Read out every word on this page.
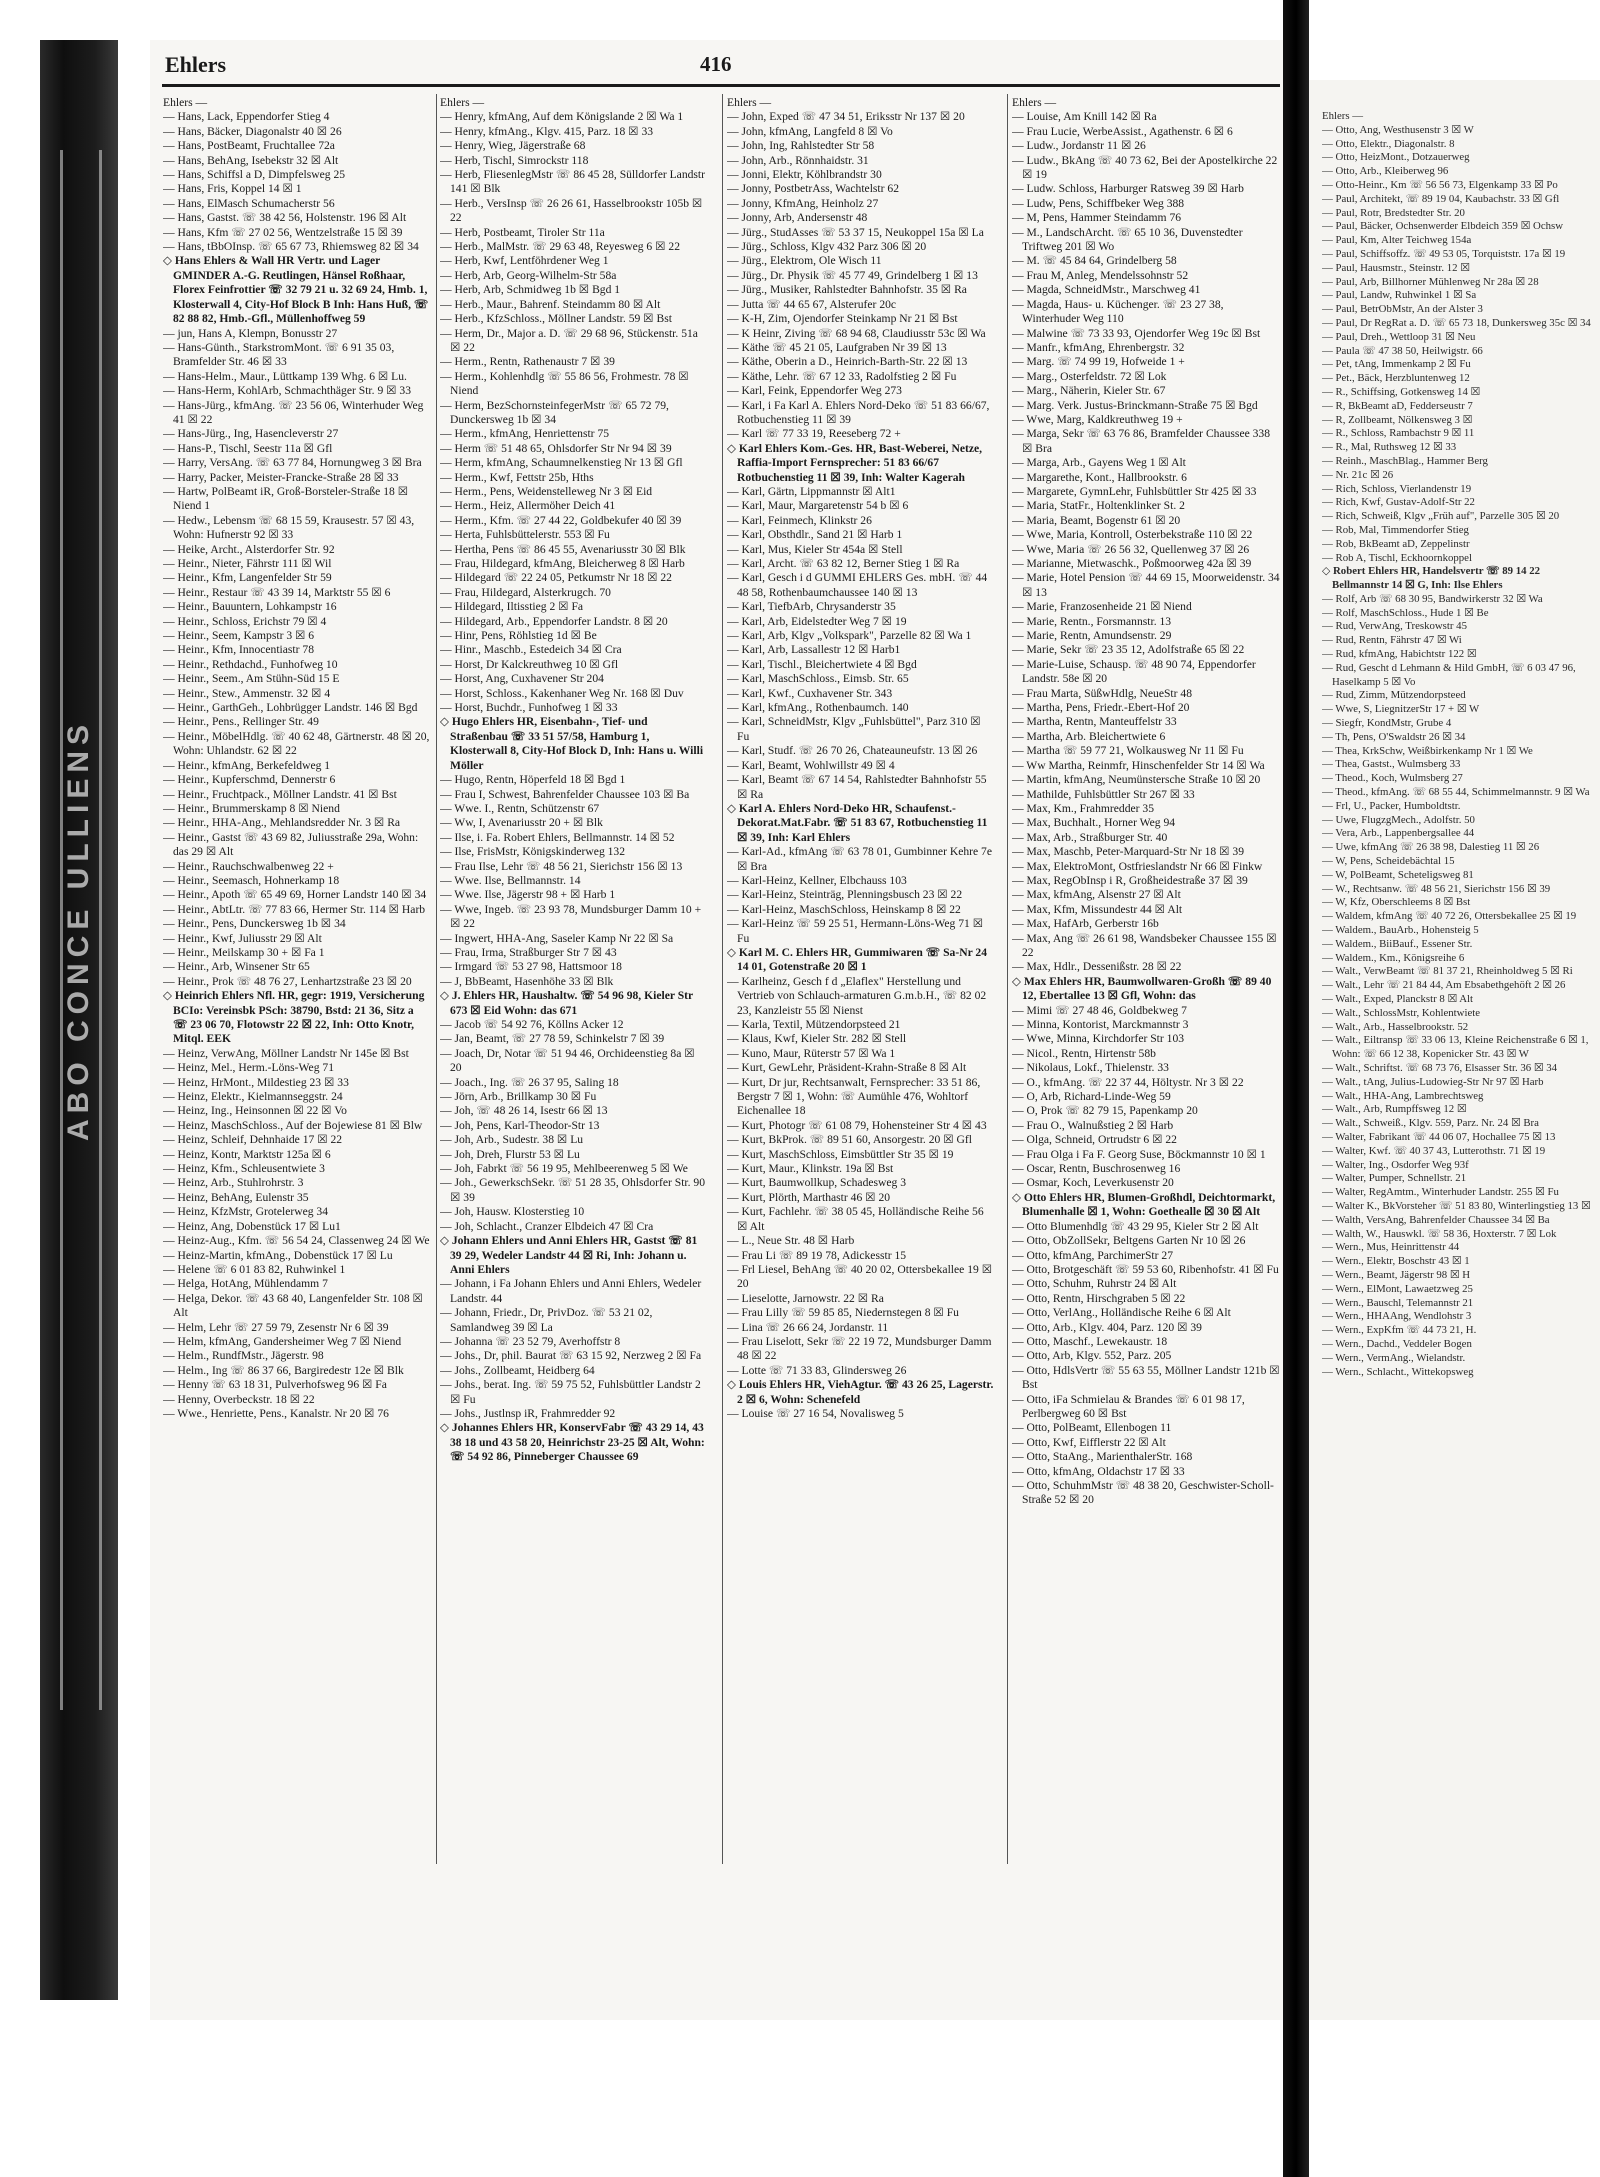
ABO CONCE ULLIENS
Ehlers	416

Ehlers —

— Hans, Lack, Eppendorfer Stieg 4

— Hans, Bäcker, Diagonalstr 40 ☒ 26

— Hans, PostBeamt, Fruchtallee 72a

— Hans, BehAng, Isebekstr 32 ☒ Alt

— Hans, Schiffsl a D, Dimpfelsweg 25

— Hans, Fris, Koppel 14 ☒ 1

— Hans, ElMasch Schumacherstr 56

— Hans, Gastst. ☏ 38 42 56, Holstenstr. 196 ☒ Alt

— Hans, Kfm ☏ 27 02 56, Wentzelstraße 15 ☒ 39

— Hans, tBbOInsp. ☏ 65 67 73, Rhiemsweg 82 ☒ 34

◇ Hans Ehlers & Wall HR Vertr. und Lager GMINDER A.-G. Reutlingen, Hänsel Roßhaar, Florex Feinfrottier ☏ 32 79 21 u. 32 69 24, Hmb. 1, Klosterwall 4, City-Hof Block B Inh: Hans Huß, ☏ 82 88 82, Hmb.-Gfl., Müllenhoffweg 59

— jun, Hans A, Klempn, Bonusstr 27

— Hans-Günth., StarkstromMont. ☏ 6 91 35 03, Bramfelder Str. 46 ☒ 33

— Hans-Helm., Maur., Lüttkamp 139 Whg. 6 ☒ Lu.

— Hans-Herm, KohlArb, Schmachthäger Str. 9 ☒ 33

— Hans-Jürg., kfmAng. ☏ 23 56 06, Winterhuder Weg 41 ☒ 22

— Hans-Jürg., Ing, Hasencleverstr 27

— Hans-P., Tischl, Seestr 11a ☒ Gfl

— Harry, VersAng. ☏ 63 77 84, Hornungweg 3 ☒ Bra

— Harry, Packer, Meister-Francke-Straße 28 ☒ 33

— Hartw, PolBeamt iR, Groß-Borsteler-Straße 18 ☒ Niend 1

— Hedw., Lebensm ☏ 68 15 59, Krausestr. 57 ☒ 43, Wohn: Hufnerstr 92 ☒ 33

— Heike, Archt., Alsterdorfer Str. 92

— Heinr., Nieter, Fährstr 111 ☒ Wil

— Heinr., Kfm, Langenfelder Str 59

— Heinr., Restaur ☏ 43 39 14, Marktstr 55 ☒ 6

— Heinr., Bauuntern, Lohkampstr 16

— Heinr., Schloss, Erichstr 79 ☒ 4

— Heinr., Seem, Kampstr 3 ☒ 6

— Heinr., Kfm, Innocentiastr 78

— Heinr., Rethdachd., Funhofweg 10

— Heinr., Seem., Am Stühn-Süd 15 E

— Heinr., Stew., Ammenstr. 32 ☒ 4

— Heinr., GarthGeh., Lohbrügger Landstr. 146 ☒ Bgd

— Heinr., Pens., Rellinger Str. 49

— Heinr., MöbelHdlg. ☏ 40 62 48, Gärtnerstr. 48 ☒ 20, Wohn: Uhlandstr. 62 ☒ 22

— Heinr., kfmAng, Berkefeldweg 1

— Heinr., Kupferschmd, Dennerstr 6

— Heinr., Fruchtpack., Möllner Landstr. 41 ☒ Bst

— Heinr., Brummerskamp 8 ☒ Niend

— Heinr., HHA-Ang., Mehlandsredder Nr. 3 ☒ Ra

— Heinr., Gastst ☏ 43 69 82, Juliusstraße 29a, Wohn: das 29 ☒ Alt

— Heinr., Rauchschwalbenweg 22 +

— Heinr., Seemasch, Hohnerkamp 18

— Heinr., Apoth ☏ 65 49 69, Horner Landstr 140 ☒ 34

— Heinr., AbtLtr. ☏ 77 83 66, Hermer Str. 114 ☒ Harb

— Heinr., Pens, Dunckersweg 1b ☒ 34

— Heinr., Kwf, Juliusstr 29 ☒ Alt

— Heinr., Meilskamp 30 + ☒ Fa 1

— Heinr., Arb, Winsener Str 65

— Heinr., Prok ☏ 48 76 27, Lenhartzstraße 23 ☒ 20

◇ Heinrich Ehlers Nfl. HR, gegr: 1919, Versicherung BCIo: Vereinsbk PSch: 38790, Bstd: 21 36, Sitz a ☏ 23 06 70, Flotowstr 22 ☒ 22, Inh: Otto Knotr, Mitql. EEK

— Heinz, VerwAng, Möllner Landstr Nr 145e ☒ Bst

— Heinz, Mel., Herm.-Löns-Weg 71

— Heinz, HrMont., Mildestieg 23 ☒ 33

— Heinz, Elektr., Kielmannseggstr. 24

— Heinz, Ing., Heinsonnen ☒ 22 ☒ Vo

— Heinz, MaschSchloss., Auf der Bojewiese 81 ☒ Blw

— Heinz, Schleif, Dehnhaide 17 ☒ 22

— Heinz, Kontr, Marktstr 125a ☒ 6

— Heinz, Kfm., Schleusentwiete 3

— Heinz, Arb., Stuhlrohrstr. 3

— Heinz, BehAng, Eulenstr 35

— Heinz, KfzMstr, Grotelerweg 34

— Heinz, Ang, Dobenstück 17 ☒ Lu1

— Heinz-Aug., Kfm. ☏ 56 54 24, Classenweg 24 ☒ We

— Heinz-Martin, kfmAng., Dobenstück 17 ☒ Lu

— Helene ☏ 6 01 83 82, Ruhwinkel 1

— Helga, HotAng, Mühlendamm 7

— Helga, Dekor. ☏ 43 68 40, Langenfelder Str. 108 ☒ Alt

— Helm, Lehr ☏ 27 59 79, Zesenstr Nr 6 ☒ 39

— Helm, kfmAng, Gandersheimer Weg 7 ☒ Niend

— Helm., RundfMstr., Jägerstr. 98

— Helm., Ing ☏ 86 37 66, Bargiredestr 12e ☒ Blk

— Henny ☏ 63 18 31, Pulverhofsweg 96 ☒ Fa

— Henny, Overbeckstr. 18 ☒ 22

— Wwe., Henriette, Pens., Kanalstr. Nr 20 ☒ 76

Ehlers —

— Henry, kfmAng, Auf dem Königslande 2 ☒ Wa 1

— Henry, kfmAng., Klgv. 415, Parz. 18 ☒ 33

— Henry, Wieg, Jägerstraße 68

— Herb, Tischl, Simrockstr 118

— Herb, FliesenlegMstr ☏ 86 45 28, Sülldorfer Landstr 141 ☒ Blk

— Herb., VersInsp ☏ 26 26 61, Hasselbrookstr 105b ☒ 22

— Herb, Postbeamt, Tiroler Str 11a

— Herb., MalMstr. ☏ 29 63 48, Reyesweg 6 ☒ 22

— Herb, Kwf, Lentföhrdener Weg 1

— Herb, Arb, Georg-Wilhelm-Str 58a

— Herb, Arb, Schmidweg 1b ☒ Bgd 1

— Herb., Maur., Bahrenf. Steindamm 80 ☒ Alt

— Herb., KfzSchloss., Möllner Landstr. 59 ☒ Bst

— Herm, Dr., Major a. D. ☏ 29 68 96, Stückenstr. 51a ☒ 22

— Herm., Rentn, Rathenaustr 7 ☒ 39

— Herm., Kohlenhdlg ☏ 55 86 56, Frohmestr. 78 ☒ Niend

— Herm, BezSchornsteinfegerMstr ☏ 65 72 79, Dunckersweg 1b ☒ 34

— Herm., kfmAng, Henriettenstr 75

— Herm ☏ 51 48 65, Ohlsdorfer Str Nr 94 ☒ 39

— Herm, kfmAng, Schaumnelkenstieg Nr 13 ☒ Gfl

— Herm., Kwf, Fettstr 25b, Hths

— Herm., Pens, Weidenstelleweg Nr 3 ☒ Eid

— Herm., Heiz, Allermöher Deich 41

— Herm., Kfm. ☏ 27 44 22, Goldbekufer 40 ☒ 39

— Herta, Fuhlsbüttelerstr. 553 ☒ Fu

— Hertha, Pens ☏ 86 45 55, Avenariusstr 30 ☒ Blk

— Frau, Hildegard, kfmAng, Bleicherweg 8 ☒ Harb

— Hildegard ☏ 22 24 05, Petkumstr Nr 18 ☒ 22

— Frau, Hildegard, Alsterkrugch. 70

— Hildegard, Iltisstieg 2 ☒ Fa

— Hildegard, Arb., Eppendorfer Landstr. 8 ☒ 20

— Hinr, Pens, Röhlstieg 1d ☒ Be

— Hinr., Maschb., Estedeich 34 ☒ Cra

— Horst, Dr Kalckreuthweg 10 ☒ Gfl

— Horst, Ang, Cuxhavener Str 204

— Horst, Schloss., Kakenhaner Weg Nr. 168 ☒ Duv

— Horst, Buchdr., Funhofweg 1 ☒ 33

◇ Hugo Ehlers HR, Eisenbahn-, Tief- und Straßenbau ☏ 33 51 57/58, Hamburg 1, Klosterwall 8, City-Hof Block D, Inh: Hans u. Willi Möller

— Hugo, Rentn, Höperfeld 18 ☒ Bgd 1

— Frau I, Schwest, Bahrenfelder Chaussee 103 ☒ Ba

— Wwe. I., Rentn, Schützenstr 67

— Ww, I, Avenariusstr 20 + ☒ Blk

— Ilse, i. Fa. Robert Ehlers, Bellmannstr. 14 ☒ 52

— Ilse, FrisMstr, Königskinderweg 132

— Frau Ilse, Lehr ☏ 48 56 21, Sierichstr 156 ☒ 13

— Wwe. Ilse, Bellmannstr. 14

— Wwe. Ilse, Jägerstr 98 + ☒ Harb 1

— Wwe, Ingeb. ☏ 23 93 78, Mundsburger Damm 10 + ☒ 22

— Ingwert, HHA-Ang, Saseler Kamp Nr 22 ☒ Sa

— Frau, Irma, Straßburger Str 7 ☒ 43

— Irmgard ☏ 53 27 98, Hattsmoor 18

— J, BbBeamt, Hasenhöhe 33 ☒ Blk

◇ J. Ehlers HR, Haushaltw. ☏ 54 96 98, Kieler Str 673 ☒ Eid Wohn: das 671

— Jacob ☏ 54 92 76, Köllns Acker 12

— Jan, Beamt, ☏ 27 78 59, Schinkelstr 7 ☒ 39

— Joach, Dr, Notar ☏ 51 94 46, Orchideenstieg 8a ☒ 20

— Joach., Ing. ☏ 26 37 95, Saling 18

— Jörn, Arb., Brillkamp 30 ☒ Fu

— Joh, ☏ 48 26 14, Isestr 66 ☒ 13

— Joh, Pens, Karl-Theodor-Str 13

— Joh, Arb., Sudestr. 38 ☒ Lu

— Joh, Dreh, Flurstr 53 ☒ Lu

— Joh, Fabrkt ☏ 56 19 95, Mehlbeerenweg 5 ☒ We

— Joh., GewerkschSekr. ☏ 51 28 35, Ohlsdorfer Str. 90 ☒ 39

— Joh, Hausw. Klosterstieg 10

— Joh, Schlacht., Cranzer Elbdeich 47 ☒ Cra

◇ Johann Ehlers und Anni Ehlers HR, Gastst ☏ 81 39 29, Wedeler Landstr 44 ☒ Ri, Inh: Johann u. Anni Ehlers

— Johann, i Fa Johann Ehlers und Anni Ehlers, Wedeler Landstr. 44

— Johann, Friedr., Dr, PrivDoz. ☏ 53 21 02, Samlandweg 39 ☒ La

— Johanna ☏ 23 52 79, Averhoffstr 8

— Johs., Dr, phil. Baurat ☏ 63 15 92, Nerzweg 2 ☒ Fa

— Johs., Zollbeamt, Heidberg 64

— Johs., berat. Ing. ☏ 59 75 52, Fuhlsbüttler Landstr 2 ☒ Fu

— Johs., Justlnsp iR, Frahmredder 92

◇ Johannes Ehlers HR, KonservFabr ☏ 43 29 14, 43 38 18 und 43 58 20, Heinrichstr 23-25 ☒ Alt, Wohn: ☏ 54 92 86, Pinneberger Chaussee 69

Ehlers —

— John, Exped ☏ 47 34 51, Eriksstr Nr 137 ☒ 20

— John, kfmAng, Langfeld 8 ☒ Vo

— John, Ing, Rahlstedter Str 58

— John, Arb., Rönnhaidstr. 31

— Jonni, Elektr, Köhlbrandstr 30

— Jonny, PostbetrAss, Wachtelstr 62

— Jonny, KfmAng, Heinholz 27

— Jonny, Arb, Andersenstr 48

— Jürg., StudAsses ☏ 53 37 15, Neukoppel 15a ☒ La

— Jürg., Schloss, Klgv 432 Parz 306 ☒ 20

— Jürg., Elektrom, Ole Wisch 11

— Jürg., Dr. Physik ☏ 45 77 49, Grindelberg 1 ☒ 13

— Jürg., Musiker, Rahlstedter Bahnhofstr. 35 ☒ Ra

— Jutta ☏ 44 65 67, Alsterufer 20c

— K-H, Zim, Ojendorfer Steinkamp Nr 21 ☒ Bst

— K Heinr, Ziving ☏ 68 94 68, Claudiusstr 53c ☒ Wa

— Käthe ☏ 45 21 05, Laufgraben Nr 39 ☒ 13

— Käthe, Oberin a D., Heinrich-Barth-Str. 22 ☒ 13

— Käthe, Lehr. ☏ 67 12 33, Radolfstieg 2 ☒ Fu

— Karl, Feink, Eppendorfer Weg 273

— Karl, i Fa Karl A. Ehlers Nord-Deko ☏ 51 83 66/67, Rotbuchenstieg 11 ☒ 39

— Karl ☏ 77 33 19, Reeseberg 72 +

◇ Karl Ehlers Kom.-Ges. HR, Bast-Weberei, Netze, Raffia-Import Fernsprecher: 51 83 66/67 Rotbuchenstieg 11 ☒ 39, Inh: Walter Kagerah

— Karl, Gärtn, Lippmannstr ☒ Alt1

— Karl, Maur, Margaretenstr 54 b ☒ 6

— Karl, Feinmech, Klinkstr 26

— Karl, Obsthdlr., Sand 21 ☒ Harb 1

— Karl, Mus, Kieler Str 454a ☒ Stell

— Karl, Archt. ☏ 63 82 12, Berner Stieg 1 ☒ Ra

— Karl, Gesch i d GUMMI EHLERS Ges. mbH. ☏ 44 48 58, Rothenbaumchaussee 140 ☒ 13

— Karl, TiefbArb, Chrysanderstr 35

— Karl, Arb, Eidelstedter Weg 7 ☒ 19

— Karl, Arb, Klgv „Volkspark", Parzelle 82 ☒ Wa 1

— Karl, Arb, Lassallestr 12 ☒ Harb1

— Karl, Tischl., Bleichertwiete 4 ☒ Bgd

— Karl, MaschSchloss., Eimsb. Str. 65

— Karl, Kwf., Cuxhavener Str. 343

— Karl, kfmAng., Rothenbaumch. 140

— Karl, SchneidMstr, Klgv „Fuhlsbüttel", Parz 310 ☒ Fu

— Karl, Studf. ☏ 26 70 26, Chateauneufstr. 13 ☒ 26

— Karl, Beamt, Wohlwillstr 49 ☒ 4

— Karl, Beamt ☏ 67 14 54, Rahlstedter Bahnhofstr 55 ☒ Ra

◇ Karl A. Ehlers Nord-Deko HR, Schaufenst.-Dekorat.Mat.Fabr. ☏ 51 83 67, Rotbuchenstieg 11 ☒ 39, Inh: Karl Ehlers

— Karl-Ad., kfmAng ☏ 63 78 01, Gumbinner Kehre 7e ☒ Bra

— Karl-Heinz, Kellner, Elbchauss 103

— Karl-Heinz, Steinträg, Plenningsbusch 23 ☒ 22

— Karl-Heinz, MaschSchloss, Heinskamp 8 ☒ 22

— Karl-Heinz ☏ 59 25 51, Hermann-Löns-Weg 71 ☒ Fu

◇ Karl M. C. Ehlers HR, Gummiwaren ☏ Sa-Nr 24 14 01, Gotenstraße 20 ☒ 1

— Karlheinz, Gesch f d „Elaflex" Herstellung und Vertrieb von Schlauch-armaturen G.m.b.H., ☏ 82 02 23, Kanzleistr 55 ☒ Nienst

— Karla, Textil, Mützendorpsteed 21

— Klaus, Kwf, Kieler Str. 282 ☒ Stell

— Kuno, Maur, Rüterstr 57 ☒ Wa 1

— Kurt, GewLehr, Präsident-Krahn-Straße 8 ☒ Alt

— Kurt, Dr jur, Rechtsanwalt, Fernsprecher: 33 51 86, Bergstr 7 ☒ 1, Wohn: ☏ Aumühle 476, Wohltorf Eichenallee 18

— Kurt, Photogr ☏ 61 08 79, Hohensteiner Str 4 ☒ 43

— Kurt, BkProk. ☏ 89 51 60, Ansorgestr. 20 ☒ Gfl

— Kurt, MaschSchloss, Eimsbüttler Str 35 ☒ 19

— Kurt, Maur., Klinkstr. 19a ☒ Bst

— Kurt, Baumwollkup, Schadesweg 3

— Kurt, Plörth, Marthastr 46 ☒ 20

— Kurt, Fachlehr. ☏ 38 05 45, Holländische Reihe 56 ☒ Alt

— L., Neue Str. 48 ☒ Harb

— Frau Li ☏ 89 19 78, Adickesstr 15

— Frl Liesel, BehAng ☏ 40 20 02, Ottersbekallee 19 ☒ 20

— Lieselotte, Jarnowstr. 22 ☒ Ra

— Frau Lilly ☏ 59 85 85, Niedernstegen 8 ☒ Fu

— Lina ☏ 26 66 24, Jordanstr. 11

— Frau Liselott, Sekr ☏ 22 19 72, Mundsburger Damm 48 ☒ 22

— Lotte ☏ 71 33 83, Glindersweg 26

◇ Louis Ehlers HR, ViehAgtur. ☏ 43 26 25, Lagerstr. 2 ☒ 6, Wohn: Schenefeld

— Louise ☏ 27 16 54, Novalisweg 5

Ehlers —

— Louise, Am Knill 142 ☒ Ra

— Frau Lucie, WerbeAssist., Agathenstr. 6 ☒ 6

— Ludw., Jordanstr 11 ☒ 26

— Ludw., BkAng ☏ 40 73 62, Bei der Apostelkirche 22 ☒ 19

— Ludw. Schloss, Harburger Ratsweg 39 ☒ Harb

— Ludw, Pens, Schiffbeker Weg 388

— M, Pens, Hammer Steindamm 76

— M., LandschArcht. ☏ 65 10 36, Duvenstedter Triftweg 201 ☒ Wo

— M. ☏ 45 84 64, Grindelberg 58

— Frau M, Anleg, Mendelssohnstr 52

— Magda, SchneidMstr., Marschweg 41

— Magda, Haus- u. Küchenger. ☏ 23 27 38, Winterhuder Weg 110

— Malwine ☏ 73 33 93, Ojendorfer Weg 19c ☒ Bst

— Manfr., kfmAng, Ehrenbergstr. 32

— Marg. ☏ 74 99 19, Hofweide 1 +

— Marg., Osterfeldstr. 72 ☒ Lok

— Marg., Näherin, Kieler Str. 67

— Marg. Verk. Justus-Brinckmann-Straße 75 ☒ Bgd

— Wwe, Marg, Kaldkreuthweg 19 +

— Marga, Sekr ☏ 63 76 86, Bramfelder Chaussee 338 ☒ Bra

— Marga, Arb., Gayens Weg 1 ☒ Alt

— Margarethe, Kont., Hallbrookstr. 6

— Margarete, GymnLehr, Fuhlsbüttler Str 425 ☒ 33

— Maria, StatFr., Holtenklinker St. 2

— Maria, Beamt, Bogenstr 61 ☒ 20

— Wwe, Maria, Kontroll, Osterbekstraße 110 ☒ 22

— Wwe, Maria ☏ 26 56 32, Quellenweg 37 ☒ 26

— Marianne, Mietwaschk., Poßmoorweg 42a ☒ 39

— Marie, Hotel Pension ☏ 44 69 15, Moorweidenstr. 34 ☒ 13

— Marie, Franzosenheide 21 ☒ Niend

— Marie, Rentn., Forsmannstr. 13

— Marie, Rentn, Amundsenstr. 29

— Marie, Sekr ☏ 23 35 12, Adolfstraße 65 ☒ 22

— Marie-Luise, Schausp. ☏ 48 90 74, Eppendorfer Landstr. 58e ☒ 20

— Frau Marta, SüßwHdlg, NeueStr 48

— Martha, Pens, Friedr.-Ebert-Hof 20

— Martha, Rentn, Manteuffelstr 33

— Martha, Arb. Bleichertwiete 6

— Martha ☏ 59 77 21, Wolkausweg Nr 11 ☒ Fu

— Ww Martha, Reinmfr, Hinschenfelder Str 14 ☒ Wa

— Martin, kfmAng, Neumünstersche Straße 10 ☒ 20

— Mathilde, Fuhlsbüttler Str 267 ☒ 33

— Max, Km., Frahmredder 35

— Max, Buchhalt., Horner Weg 94

— Max, Arb., Straßburger Str. 40

— Max, Maschb, Peter-Marquard-Str Nr 18 ☒ 39

— Max, ElektroMont, Ostfrieslandstr Nr 66 ☒ Finkw

— Max, RegObInsp i R, Großheidestraße 37 ☒ 39

— Max, kfmAng, Alsenstr 27 ☒ Alt

— Max, Kfm, Missundestr 44 ☒ Alt

— Max, HafArb, Gerberstr 16b

— Max, Ang ☏ 26 61 98, Wandsbeker Chaussee 155 ☒ 22

— Max, Hdlr., Dessenißstr. 28 ☒ 22

◇ Max Ehlers HR, Baumwollwaren-Großh ☏ 89 40 12, Ebertallee 13 ☒ Gfl, Wohn: das

— Mimi ☏ 27 48 46, Goldbekweg 7

— Minna, Kontorist, Marckmannstr 3

— Wwe, Minna, Kirchdorfer Str 103

— Nicol., Rentn, Hirtenstr 58b

— Nikolaus, Lokf., Thielenstr. 33

— O., kfmAng. ☏ 22 37 44, Höltystr. Nr 3 ☒ 22

— O, Arb, Richard-Linde-Weg 59

— O, Prok ☏ 82 79 15, Papenkamp 20

— Frau O., Walnußstieg 2 ☒ Harb

— Olga, Schneid, Ortrudstr 6 ☒ 22

— Frau Olga i Fa F. Georg Suse, Böckmannstr 10 ☒ 1

— Oscar, Rentn, Buschrosenweg 16

— Osmar, Koch, Leverkusenstr 20

◇ Otto Ehlers HR, Blumen-Großhdl, Deichtormarkt, Blumenhalle ☒ 1, Wohn: Goethealle ☒ 30 ☒ Alt

— Otto Blumenhdlg ☏ 43 29 95, Kieler Str 2 ☒ Alt

— Otto, ObZollSekr, Beltgens Garten Nr 10 ☒ 26

— Otto, kfmAng, ParchimerStr 27

— Otto, Brotgeschäft ☏ 59 53 60, Ribenhofstr. 41 ☒ Fu

— Otto, Schuhm, Ruhrstr 24 ☒ Alt

— Otto, Rentn, Hirschgraben 5 ☒ 22

— Otto, VerlAng., Holländische Reihe 6 ☒ Alt

— Otto, Arb., Klgv. 404, Parz. 120 ☒ 39

— Otto, Maschf., Lewekaustr. 18

— Otto, Arb, Klgv. 552, Parz. 205

— Otto, HdlsVertr ☏ 55 63 55, Möllner Landstr 121b ☒ Bst

— Otto, iFa Schmielau & Brandes ☏ 6 01 98 17, Perlbergweg 60 ☒ Bst

— Otto, PolBeamt, Ellenbogen 11

— Otto, Kwf, Eifflerstr 22 ☒ Alt

— Otto, StaAng., MarienthalerStr. 168

— Otto, kfmAng, Oldachstr 17 ☒ 33

— Otto, SchuhmMstr ☏ 48 38 20, Geschwister-Scholl-Straße 52 ☒ 20

Ehlers —

— Otto, Ang, Westhusenstr 3 ☒ W

— Otto, Elektr., Diagonalstr. 8

— Otto, HeizMont., Dotzauerweg

— Otto, Arb., Kleiberweg 96

— Otto-Heinr., Km ☏ 56 56 73, Elgenkamp 33 ☒ Po

— Paul, Architekt, ☏ 89 19 04, Kaubachstr. 33 ☒ Gfl

— Paul, Rotr, Bredstedter Str. 20

— Paul, Bäcker, Ochsenwerder Elbdeich 359 ☒ Ochsw

— Paul, Km, Alter Teichweg 154a

— Paul, Schiffsoffz. ☏ 49 53 05, Torquiststr. 17a ☒ 19

— Paul, Hausmstr., Steinstr. 12 ☒

— Paul, Arb, Billhorner Mühlenweg Nr 28a ☒ 28

— Paul, Landw, Ruhwinkel 1 ☒ Sa

— Paul, BetrObMstr, An der Alster 3

— Paul, Dr RegRat a. D. ☏ 65 73 18, Dunkersweg 35c ☒ 34

— Paul, Dreh., Wettloop 31 ☒ Neu

— Paula ☏ 47 38 50, Heilwigstr. 66

— Pet, tAng, Immenkamp 2 ☒ Fu

— Pet., Bäck, Herzbluntenweg 12

— R., Schiffsing, Gotkensweg 14 ☒

— R, BkBeamt aD, Fedderseustr 7

— R, Zollbeamt, Nölkensweg 3 ☒

— R., Schloss, Rambachstr 9 ☒ 11

— R., Mal, Ruthsweg 12 ☒ 33

— Reinh., MaschBlag., Hammer Berg

— Nr. 21c ☒ 26

— Rich, Schloss, Vierlandenstr 19

— Rich, Kwf, Gustav-Adolf-Str 22

— Rich, Schweiß, Klgv „Früh auf", Parzelle 305 ☒ 20

— Rob, Mal, Timmendorfer Stieg

— Rob, BkBeamt aD, Zeppelinstr

— Rob A, Tischl, Eckhoornkoppel

◇ Robert Ehlers HR, Handelsvertr ☏ 89 14 22 Bellmannstr 14 ☒ G, Inh: Ilse Ehlers

— Rolf, Arb ☏ 68 30 95, Bandwirkerstr 32 ☒ Wa

— Rolf, MaschSchloss., Hude 1 ☒ Be

— Rud, VerwAng, Treskowstr 45

— Rud, Rentn, Fährstr 47 ☒ Wi

— Rud, kfmAng, Habichtstr 122 ☒

— Rud, Gescht d Lehmann & Hild GmbH, ☏ 6 03 47 96, Haselkamp 5 ☒ Vo

— Rud, Zimm, Mützendorpsteed

— Wwe, S, LiegnitzerStr 17 + ☒ W

— Siegfr, KondMstr, Grube 4

— Th, Pens, O'Swaldstr 26 ☒ 34

— Thea, KrkSchw, Weißbirkenkamp Nr 1 ☒ We

— Thea, Gastst., Wulmsberg 33

— Theod., Koch, Wulmsberg 27

— Theod., kfmAng. ☏ 68 55 44, Schimmelmannstr. 9 ☒ Wa

— Frl, U., Packer, Humboldtstr.

— Uwe, FlugzgMech., Adolfstr. 50

— Vera, Arb., Lappenbergsallee 44

— Uwe, kfmAng ☏ 26 38 98, Dalestieg 11 ☒ 26

— W, Pens, Scheidebächtal 15

— W, PolBeamt, Scheteligsweg 81

— W., Rechtsanw. ☏ 48 56 21, Sierichstr 156 ☒ 39

— W, Kfz, Oberschleems 8 ☒ Bst

— Waldem, kfmAng ☏ 40 72 26, Ottersbekallee 25 ☒ 19

— Waldem., BauArb., Hohensteig 5

— Waldem., BiiBauf., Essener Str.

— Waldem., Km., Königsreihe 6

— Walt., VerwBeamt ☏ 81 37 21, Rheinholdweg 5 ☒ Ri

— Walt., Lehr ☏ 21 84 44, Am Ebsabethgehöft 2 ☒ 26

— Walt., Exped, Planckstr 8 ☒ Alt

— Walt., SchlossMstr, Kohlentwiete

— Walt., Arb., Hasselbrookstr. 52

— Walt., Eiltransp ☏ 33 06 13, Kleine Reichenstraße 6 ☒ 1, Wohn: ☏ 66 12 38, Kopenicker Str. 43 ☒ W

— Walt., Schriftst. ☏ 68 73 76, Elsasser Str. 36 ☒ 34

— Walt., tAng, Julius-Ludowieg-Str Nr 97 ☒ Harb

— Walt., HHA-Ang, Lambrechtsweg

— Walt., Arb, Rumpffsweg 12 ☒

— Walt., Schweiß., Klgv. 559, Parz. Nr. 24 ☒ Bra

— Walter, Fabrikant ☏ 44 06 07, Hochallee 75 ☒ 13

— Walter, Kwf. ☏ 40 37 43, Lutterothstr. 71 ☒ 19

— Walter, Ing., Osdorfer Weg 93f

— Walter, Pumper, Schnellstr. 21

— Walter, RegAmtm., Winterhuder Landstr. 255 ☒ Fu

— Walter K., BkVorsteher ☏ 51 83 80, Winterlingstieg 13 ☒

— Walth, VersAng, Bahrenfelder Chaussee 34 ☒ Ba

— Walth, W., Hauswkl. ☏ 58 36, Hoxterstr. 7 ☒ Lok

— Wern., Mus, Heinrittenstr 44

— Wern., Elektr, Boschstr 43 ☒ 1

— Wern., Beamt, Jägerstr 98 ☒ H

— Wern., ElMont, Lawaetzweg 25

— Wern., Bauschl, Telemannstr 21

— Wern., HHAAng, Wendlohstr 3

— Wern., ExpKfm ☏ 44 73 21, H.

— Wern., Dachd., Veddeler Bogen

— Wern., VermAng., Wielandstr.

— Wern., Schlacht., Wittekopsweg
